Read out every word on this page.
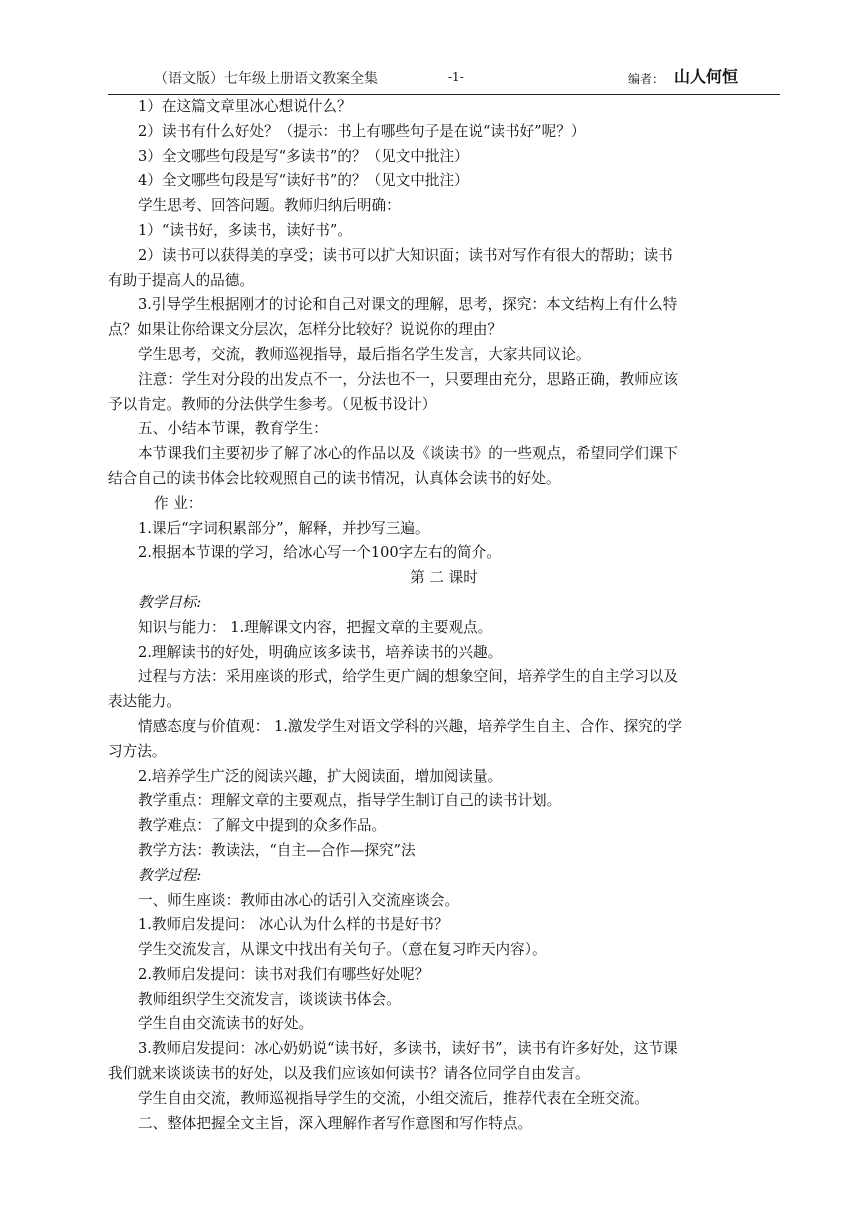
（语文版）七年级上册语文教案全集	-1-	编者： 山人何恒
1）在这篇文章里冰心想说什么？
2）读书有什么好处？（提示：书上有哪些句子是在说“读书好”呢？）
3）全文哪些句段是写“多读书”的？（见文中批注）
4）全文哪些句段是写“读好书”的？（见文中批注）
学生思考、回答问题。教师归纳后明确：
1）“读书好，多读书，读好书”。
2）读书可以获得美的享受；读书可以扩大知识面；读书对写作有很大的帮助；读书
有助于提高人的品德。
3.引导学生根据刚才的讨论和自己对课文的理解，思考，探究：本文结构上有什么特
点？如果让你给课文分层次，怎样分比较好？说说你的理由？
学生思考，交流，教师巡视指导，最后指名学生发言，大家共同议论。
注意：学生对分段的出发点不一，分法也不一，只要理由充分，思路正确，教师应该
予以肯定。教师的分法供学生参考。（见板书设计）
五、小结本节课，教育学生：
本节课我们主要初步了解了冰心的作品以及《谈读书》的一些观点，希望同学们课下
结合自己的读书体会比较观照自己的读书情况，认真体会读书的好处。
作 业：
1.课后“字词积累部分”，解释，并抄写三遍。
2.根据本节课的学习，给冰心写一个100字左右的简介。
第 二 课时
教学目标:
知识与能力： 1.理解课文内容，把握文章的主要观点。
2.理解读书的好处，明确应该多读书，培养读书的兴趣。
过程与方法：采用座谈的形式，给学生更广阔的想象空间，培养学生的自主学习以及
表达能力。
情感态度与价值观： 1.激发学生对语文学科的兴趣，培养学生自主、合作、探究的学
习方法。
2.培养学生广泛的阅读兴趣，扩大阅读面，增加阅读量。
教学重点：理解文章的主要观点，指导学生制订自己的读书计划。
教学难点：了解文中提到的众多作品。
教学方法：教读法，“自主—合作—探究”法
教学过程:
一、师生座谈：教师由冰心的话引入交流座谈会。
1.教师启发提问： 冰心认为什么样的书是好书？
学生交流发言，从课文中找出有关句子。（意在复习昨天内容）。
2.教师启发提问：读书对我们有哪些好处呢？
教师组织学生交流发言，谈谈读书体会。
学生自由交流读书的好处。
3.教师启发提问：冰心奶奶说“读书好，多读书，读好书”，读书有许多好处，这节课
我们就来谈谈读书的好处，以及我们应该如何读书？请各位同学自由发言。
学生自由交流，教师巡视指导学生的交流，小组交流后，推荐代表在全班交流。
二、整体把握全文主旨，深入理解作者写作意图和写作特点。
